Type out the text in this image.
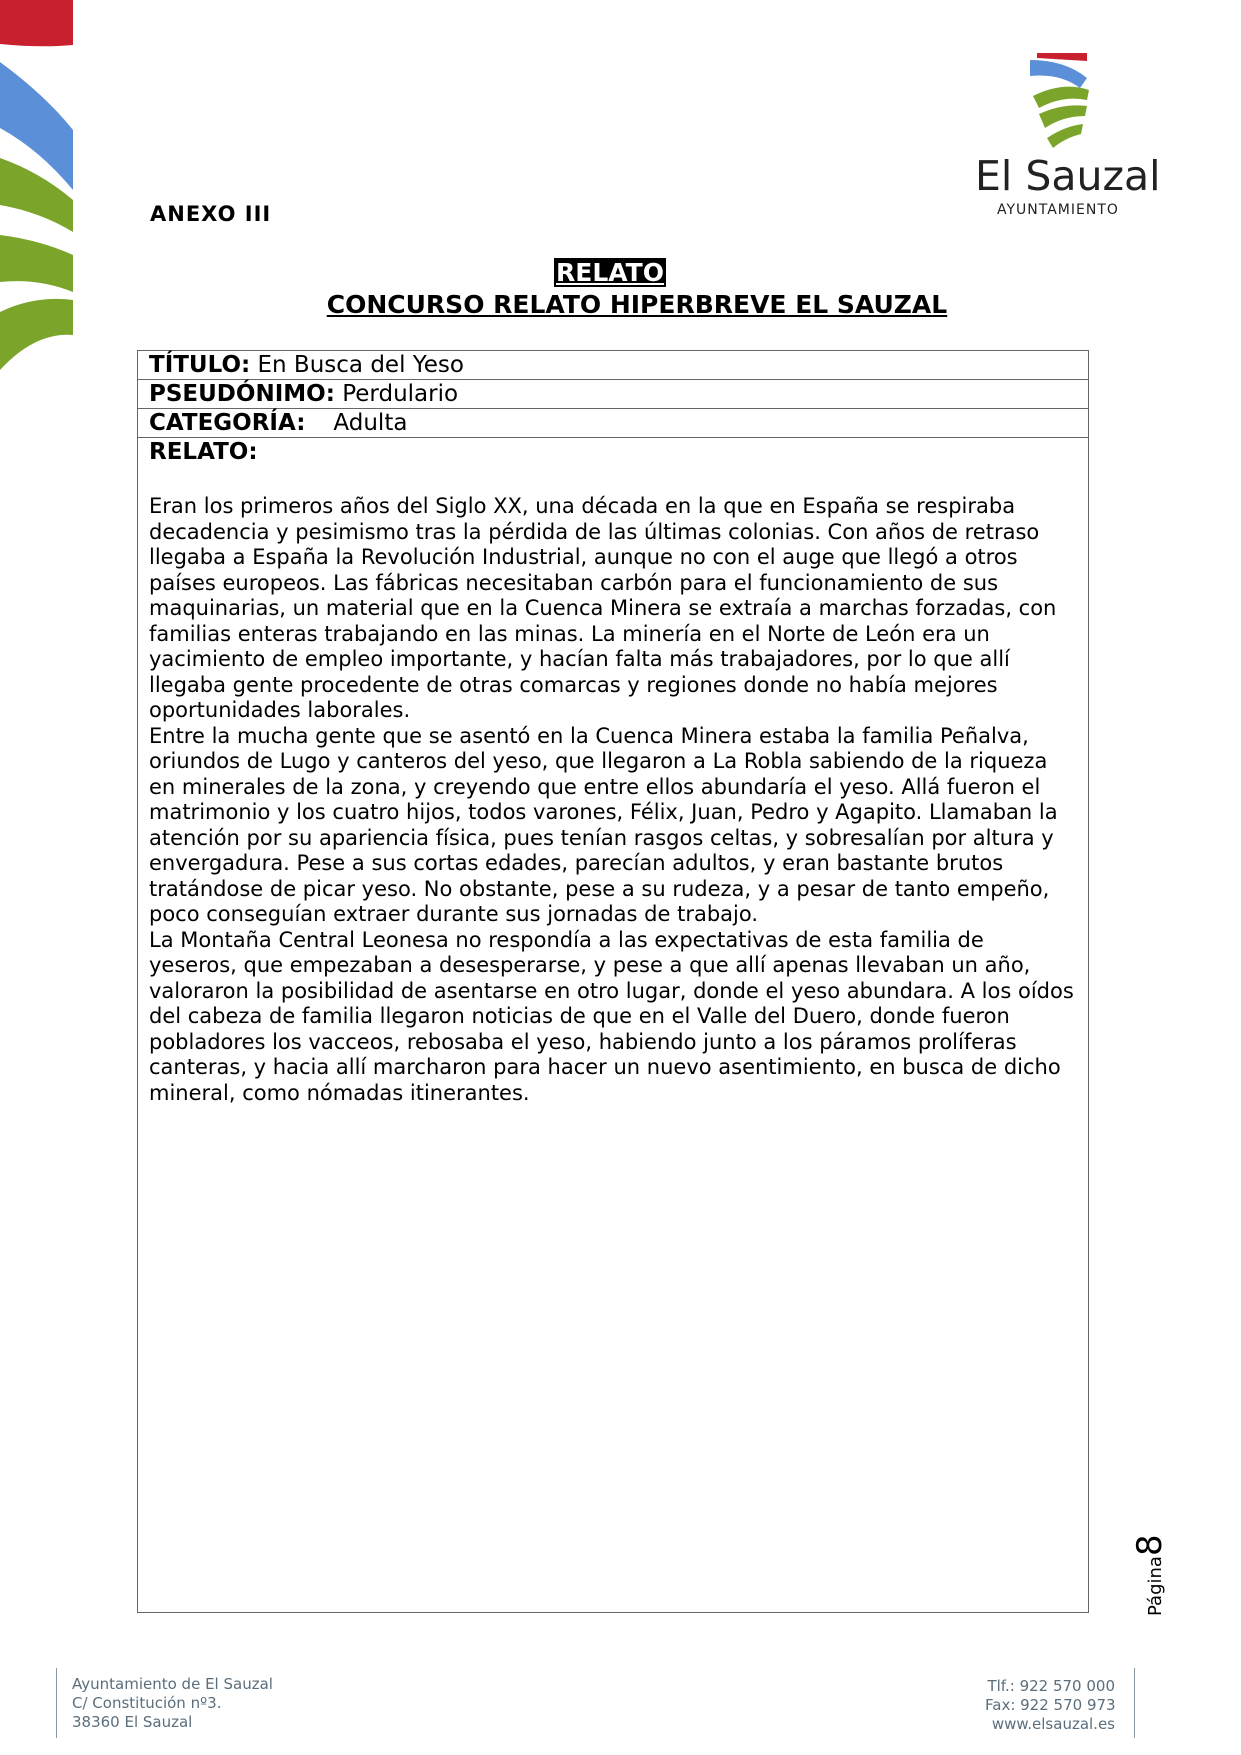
El Sauzal
AYUNTAMIENTO
ANEXO III
RELATO
CONCURSO RELATO HIPERBREVE EL SAUZAL
TÍTULO: En Busca del Yeso
PSEUDÓNIMO: Perdulario
CATEGORÍA: Adulta
RELATO:

Eran los primeros años del Siglo XX, una década en la que en España se respiraba

decadencia y pesimismo tras la pérdida de las últimas colonias. Con años de retraso

llegaba a España la Revolución Industrial, aunque no con el auge que llegó a otros

países europeos. Las fábricas necesitaban carbón para el funcionamiento de sus

maquinarias, un material que en la Cuenca Minera se extraía a marchas forzadas, con

familias enteras trabajando en las minas. La minería en el Norte de León era un

yacimiento de empleo importante, y hacían falta más trabajadores, por lo que allí

llegaba gente procedente de otras comarcas y regiones donde no había mejores

oportunidades laborales.

Entre la mucha gente que se asentó en la Cuenca Minera estaba la familia Peñalva,

oriundos de Lugo y canteros del yeso, que llegaron a La Robla sabiendo de la riqueza

en minerales de la zona, y creyendo que entre ellos abundaría el yeso. Allá fueron el

matrimonio y los cuatro hijos, todos varones, Félix, Juan, Pedro y Agapito. Llamaban la

atención por su apariencia física, pues tenían rasgos celtas, y sobresalían por altura y

envergadura. Pese a sus cortas edades, parecían adultos, y eran bastante brutos

tratándose de picar yeso. No obstante, pese a su rudeza, y a pesar de tanto empeño,

poco conseguían extraer durante sus jornadas de trabajo.

La Montaña Central Leonesa no respondía a las expectativas de esta familia de

yeseros, que empezaban a desesperarse, y pese a que allí apenas llevaban un año,

valoraron la posibilidad de asentarse en otro lugar, donde el yeso abundara. A los oídos

del cabeza de familia llegaron noticias de que en el Valle del Duero, donde fueron

pobladores los vacceos, rebosaba el yeso, habiendo junto a los páramos prolíferas

canteras, y hacia allí marcharon para hacer un nuevo asentimiento, en busca de dicho

mineral, como nómadas itinerantes.

Página8
Ayuntamiento de El Sauzal
C/ Constitución nº3.
38360 El Sauzal
Tlf.: 922 570 000
Fax: 922 570 973
www.elsauzal.es
